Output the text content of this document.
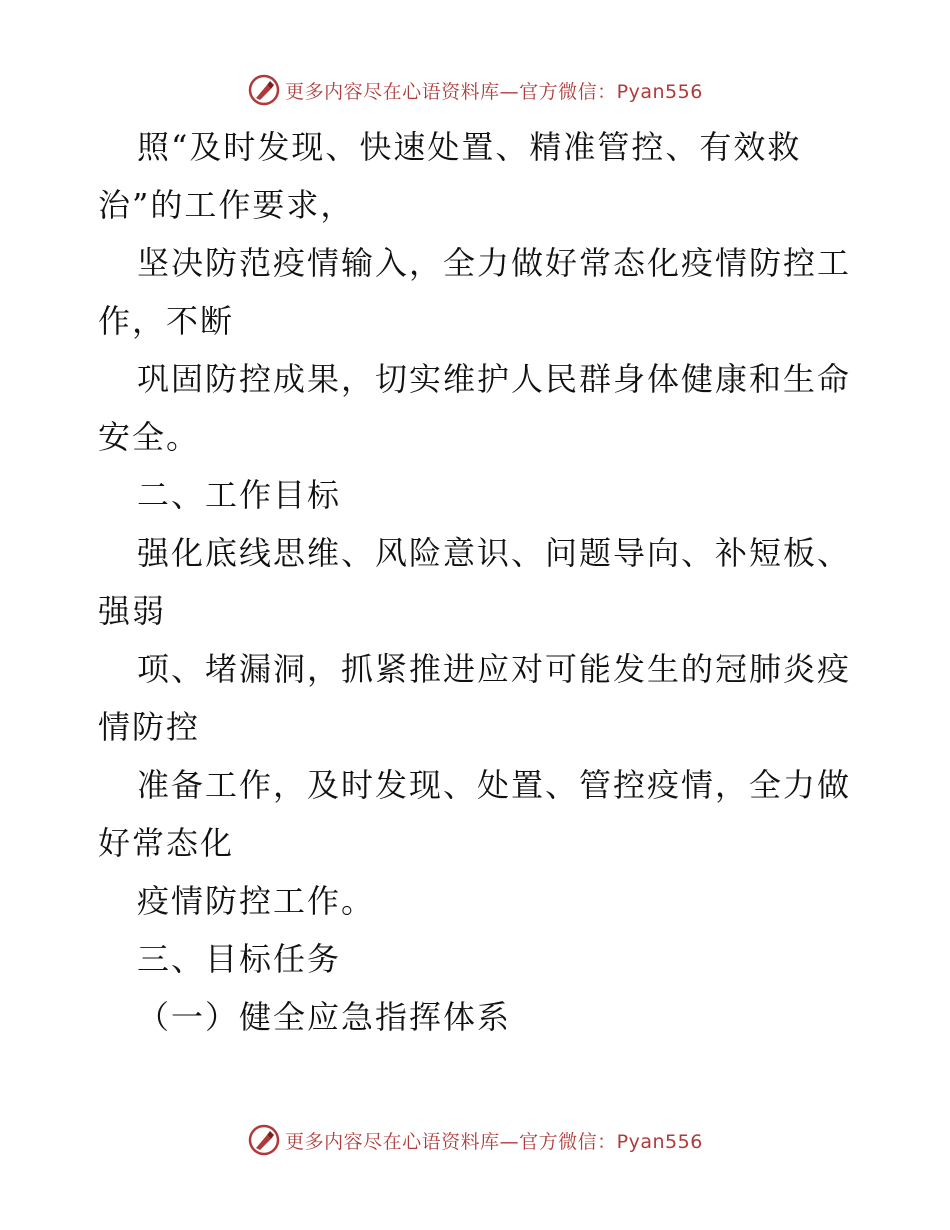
更多内容尽在心语资料库—官方微信：Pyan556
照“及时发现、快速处置、精准管控、有效救
治”的工作要求，
坚决防范疫情输入，全力做好常态化疫情防控工
作，不断
巩固防控成果，切实维护人民群身体健康和生命
安全。
二、工作目标
强化底线思维、风险意识、问题导向、补短板、
强弱
项、堵漏洞，抓紧推进应对可能发生的冠肺炎疫
情防控
准备工作，及时发现、处置、管控疫情，全力做
好常态化
疫情防控工作。
三、目标任务
（一）健全应急指挥体系
更多内容尽在心语资料库—官方微信：Pyan556
